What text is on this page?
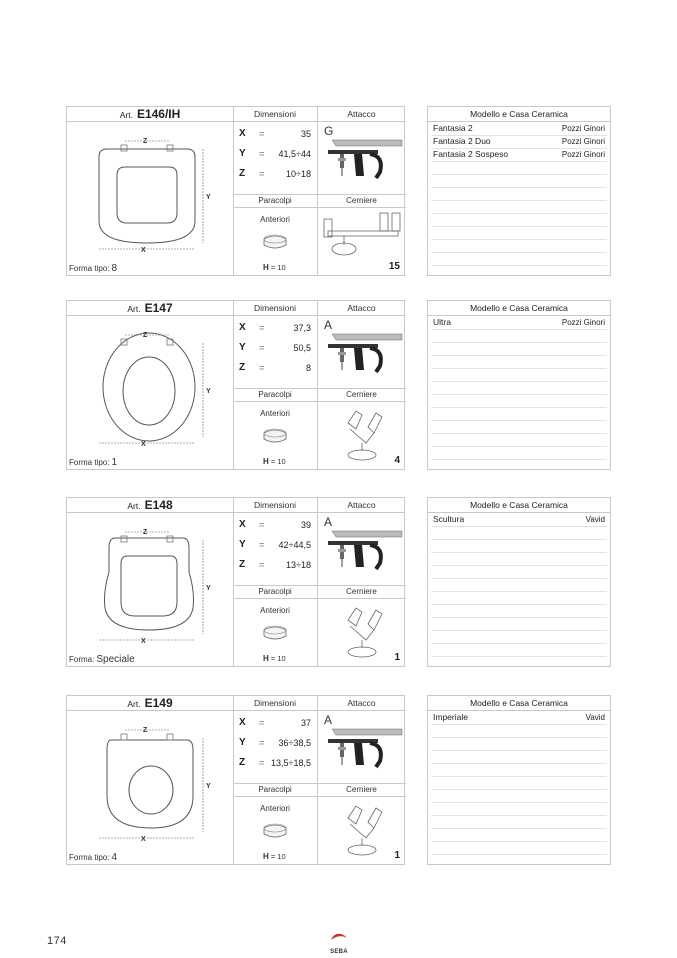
Art. E146/IH	Dimensioni	Attacco
Z
Y
X
X =	35
Y = 41,5÷44
Z = 10÷18
G
Paracolpi	Cerniere
Anteriori
H = 10	15
Forma tipo: 8
Modello e Casa Ceramica
Fantasia 2	Pozzi Ginori
Fantasia 2 Duo	Pozzi Ginori
Fantasia 2 Sospeso	Pozzi Ginori
Art. E147	Dimensioni	Attacco
Z
Y
X
X =	37,3
Y =	50,5
Z =	8
A
Paracolpi	Cerniere
Anteriori
H = 10	4
Forma tipo: 1
Modello e Casa Ceramica
Ultra	Pozzi Ginori
Art. E148	Dimensioni	Attacco
Z
Y
X
X =	39
Y = 42÷44,5
Z = 13÷18
A
Paracolpi	Cerniere
Anteriori
H = 10	1
Forma: Speciale
Modello e Casa Ceramica
Scultura	Vavid
Art. E149	Dimensioni	Attacco
Z
Y
X
X =	37
Y = 36÷38,5
Z = 13,5÷18,5
A
Paracolpi	Cerniere
Anteriori
H = 10	1
Forma tipo: 4
Modello e Casa Ceramica
Imperiale	Vavid
174
SEBA
